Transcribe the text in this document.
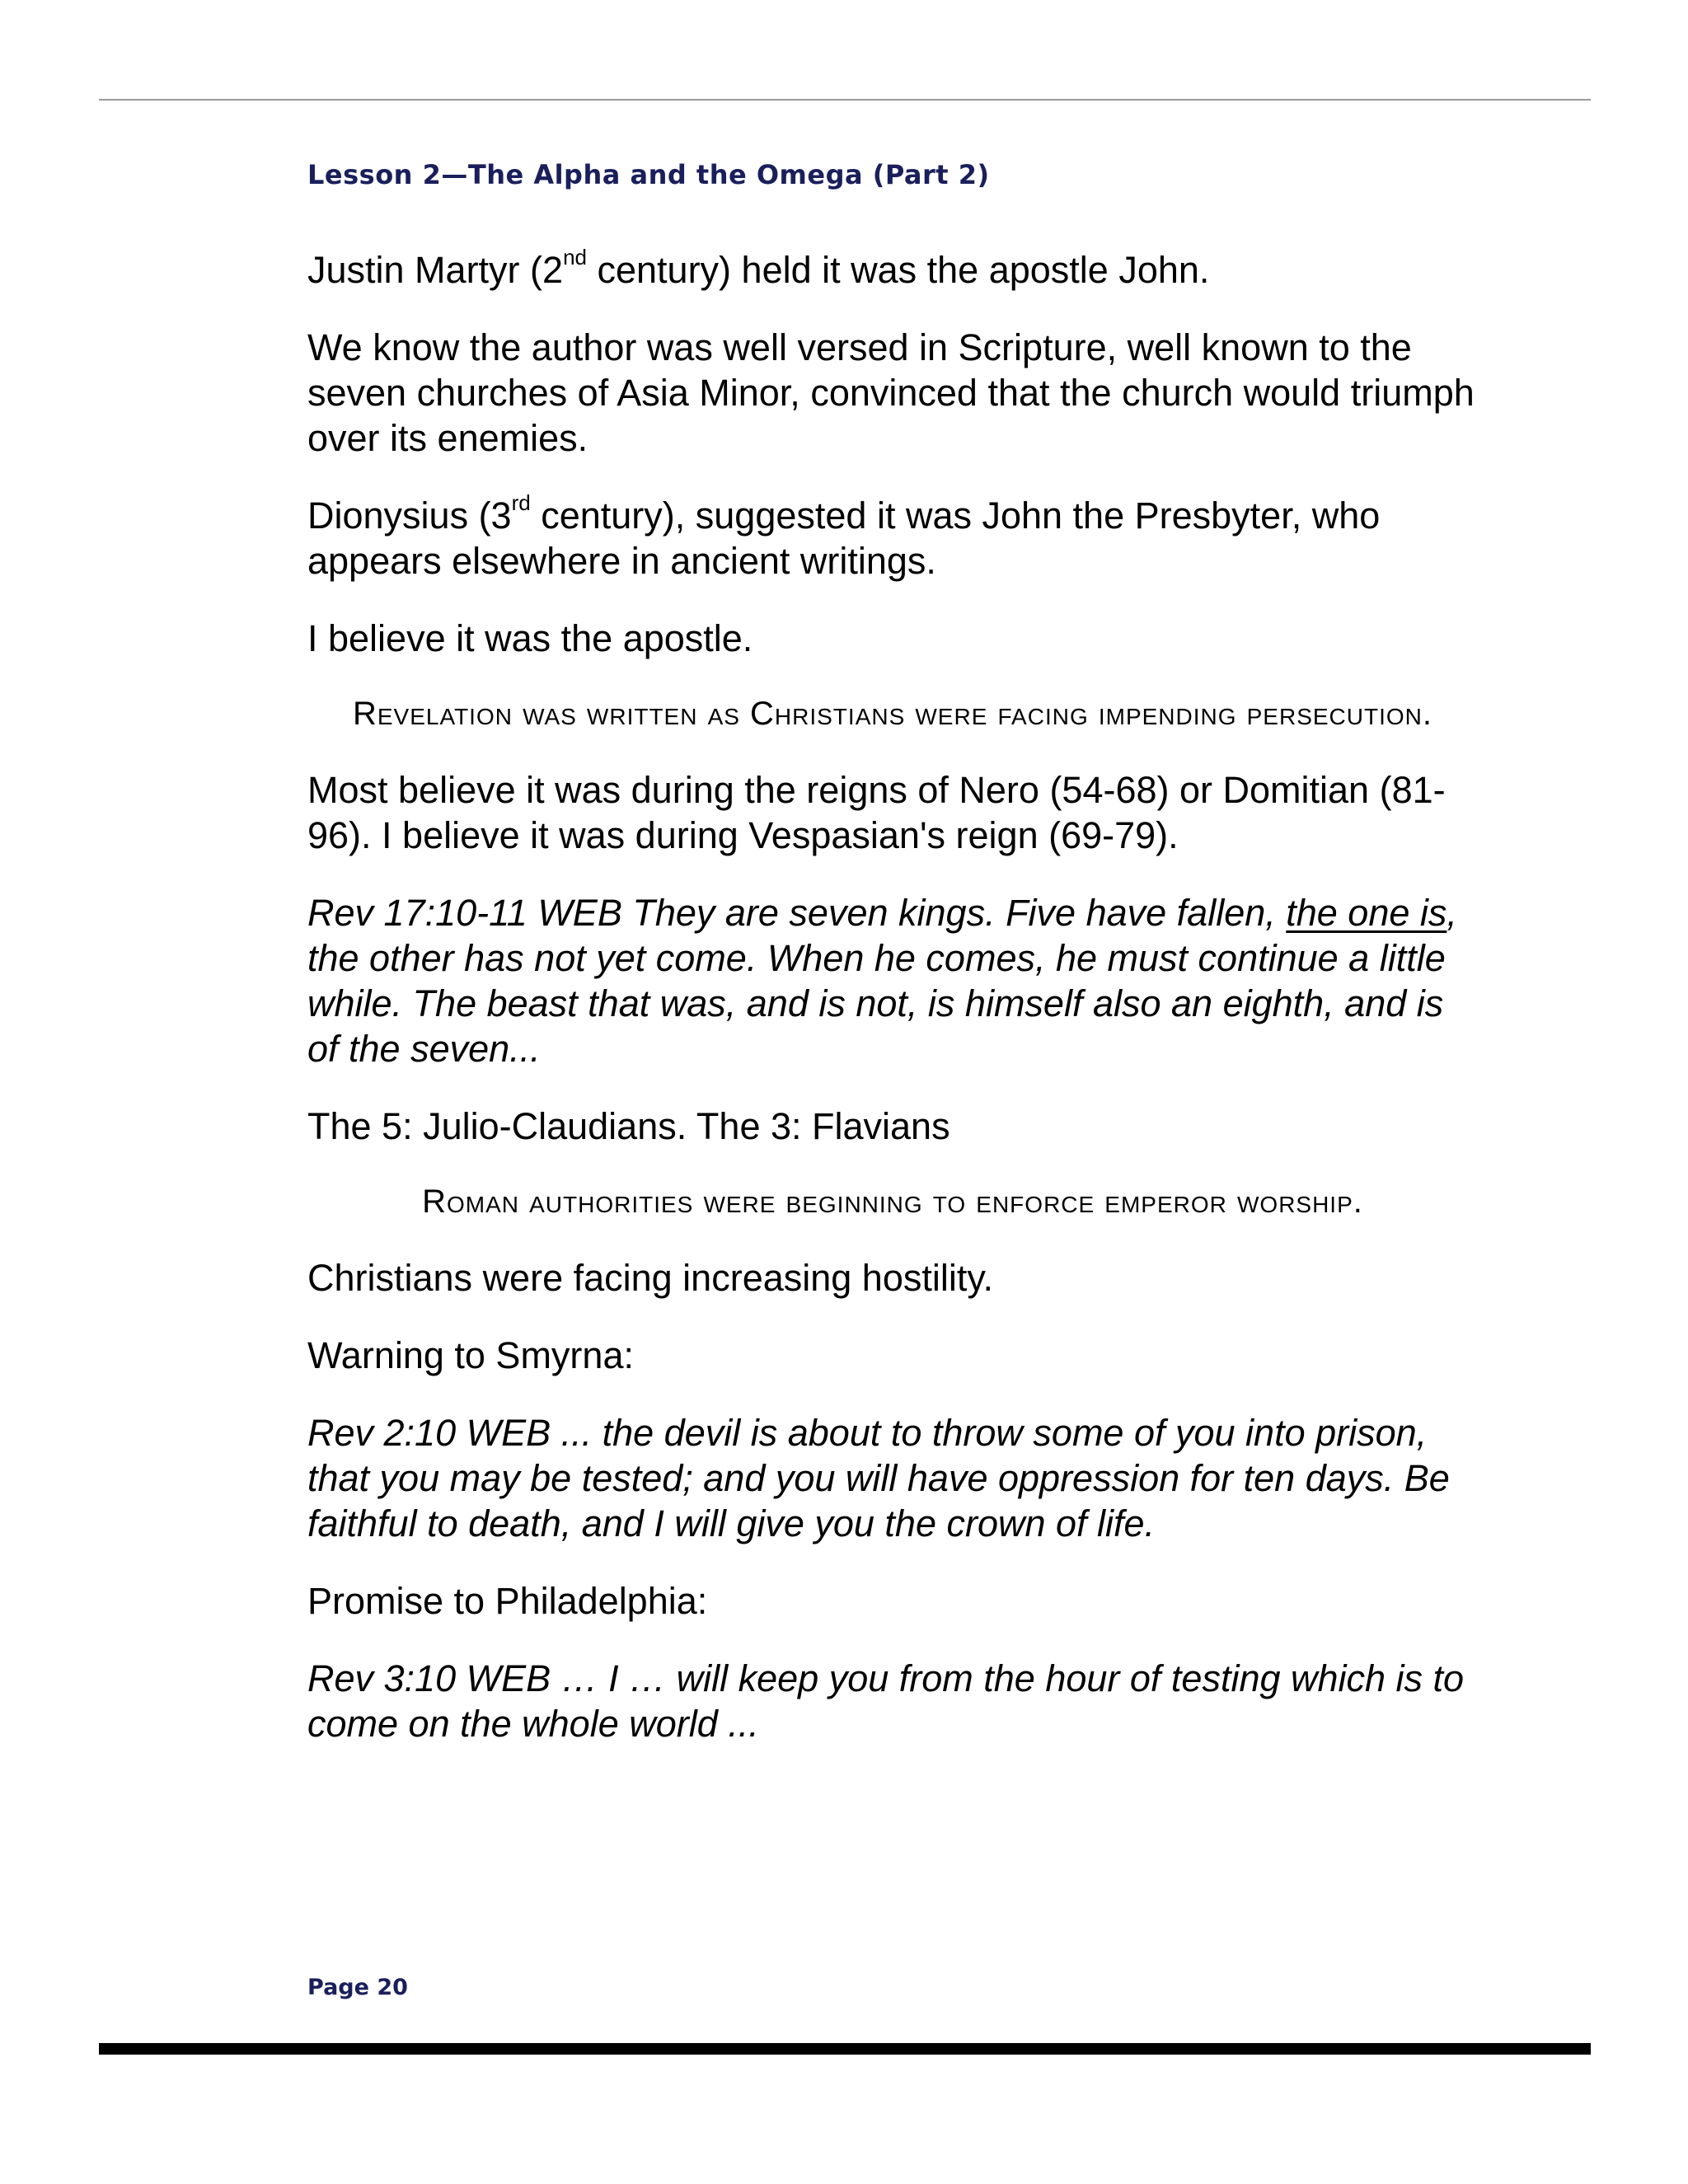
Lesson 2—The Alpha and the Omega (Part 2)

Justin Martyr (2nd century) held it was the apostle John.

We know the author was well versed in Scripture, well known to the seven churches of Asia Minor, convinced that the church would triumph over its enemies.

Dionysius (3rd century), suggested it was John the Presbyter, who appears elsewhere in ancient writings.

I believe it was the apostle.

Revelation was written as Christians were facing impending persecution.

Most believe it was during the reigns of Nero (54-68) or Domitian (81-96). I believe it was during Vespasian's reign (69-79).

Rev 17:10-11 WEB They are seven kings. Five have fallen, the one is, the other has not yet come. When he comes, he must continue a little while. The beast that was, and is not, is himself also an eighth, and is of the seven...

The 5: Julio-Claudians. The 3: Flavians

Roman authorities were beginning to enforce emperor worship.

Christians were facing increasing hostility.

Warning to Smyrna:

Rev 2:10 WEB ... the devil is about to throw some of you into prison, that you may be tested; and you will have oppression for ten days. Be faithful to death, and I will give you the crown of life.

Promise to Philadelphia:

Rev 3:10 WEB … I … will keep you from the hour of testing which is to come on the whole world ...

Page 20
